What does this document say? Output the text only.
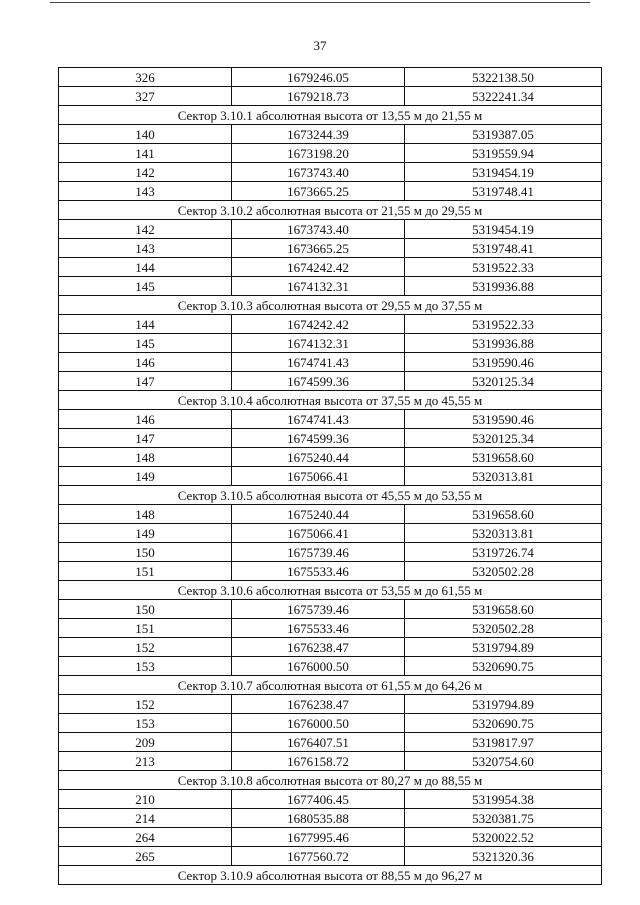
37
326	1679246.05	5322138.50
327	1679218.73	5322241.34
Сектор 3.10.1 абсолютная высота от 13,55 м до 21,55 м		
140	1673244.39	5319387.05
141	1673198.20	5319559.94
142	1673743.40	5319454.19
143	1673665.25	5319748.41
Сектор 3.10.2 абсолютная высота от 21,55 м до 29,55 м		
142	1673743.40	5319454.19
143	1673665.25	5319748.41
144	1674242.42	5319522.33
145	1674132.31	5319936.88
Сектор 3.10.3 абсолютная высота от 29,55 м до 37,55 м		
144	1674242.42	5319522.33
145	1674132.31	5319936.88
146	1674741.43	5319590.46
147	1674599.36	5320125.34
Сектор 3.10.4 абсолютная высота от 37,55 м до 45,55 м		
146	1674741.43	5319590.46
147	1674599.36	5320125.34
148	1675240.44	5319658.60
149	1675066.41	5320313.81
Сектор 3.10.5 абсолютная высота от 45,55 м до 53,55 м		
148	1675240.44	5319658.60
149	1675066.41	5320313.81
150	1675739.46	5319726.74
151	1675533.46	5320502.28
Сектор 3.10.6 абсолютная высота от 53,55 м до 61,55 м		
150	1675739.46	5319658.60
151	1675533.46	5320502.28
152	1676238.47	5319794.89
153	1676000.50	5320690.75
Сектор 3.10.7 абсолютная высота от 61,55 м до 64,26 м		
152	1676238.47	5319794.89
153	1676000.50	5320690.75
209	1676407.51	5319817.97
213	1676158.72	5320754.60
Сектор 3.10.8 абсолютная высота от 80,27 м до 88,55 м		
210	1677406.45	5319954.38
214	1680535.88	5320381.75
264	1677995.46	5320022.52
265	1677560.72	5321320.36
Сектор 3.10.9 абсолютная высота от 88,55 м до 96,27 м		
